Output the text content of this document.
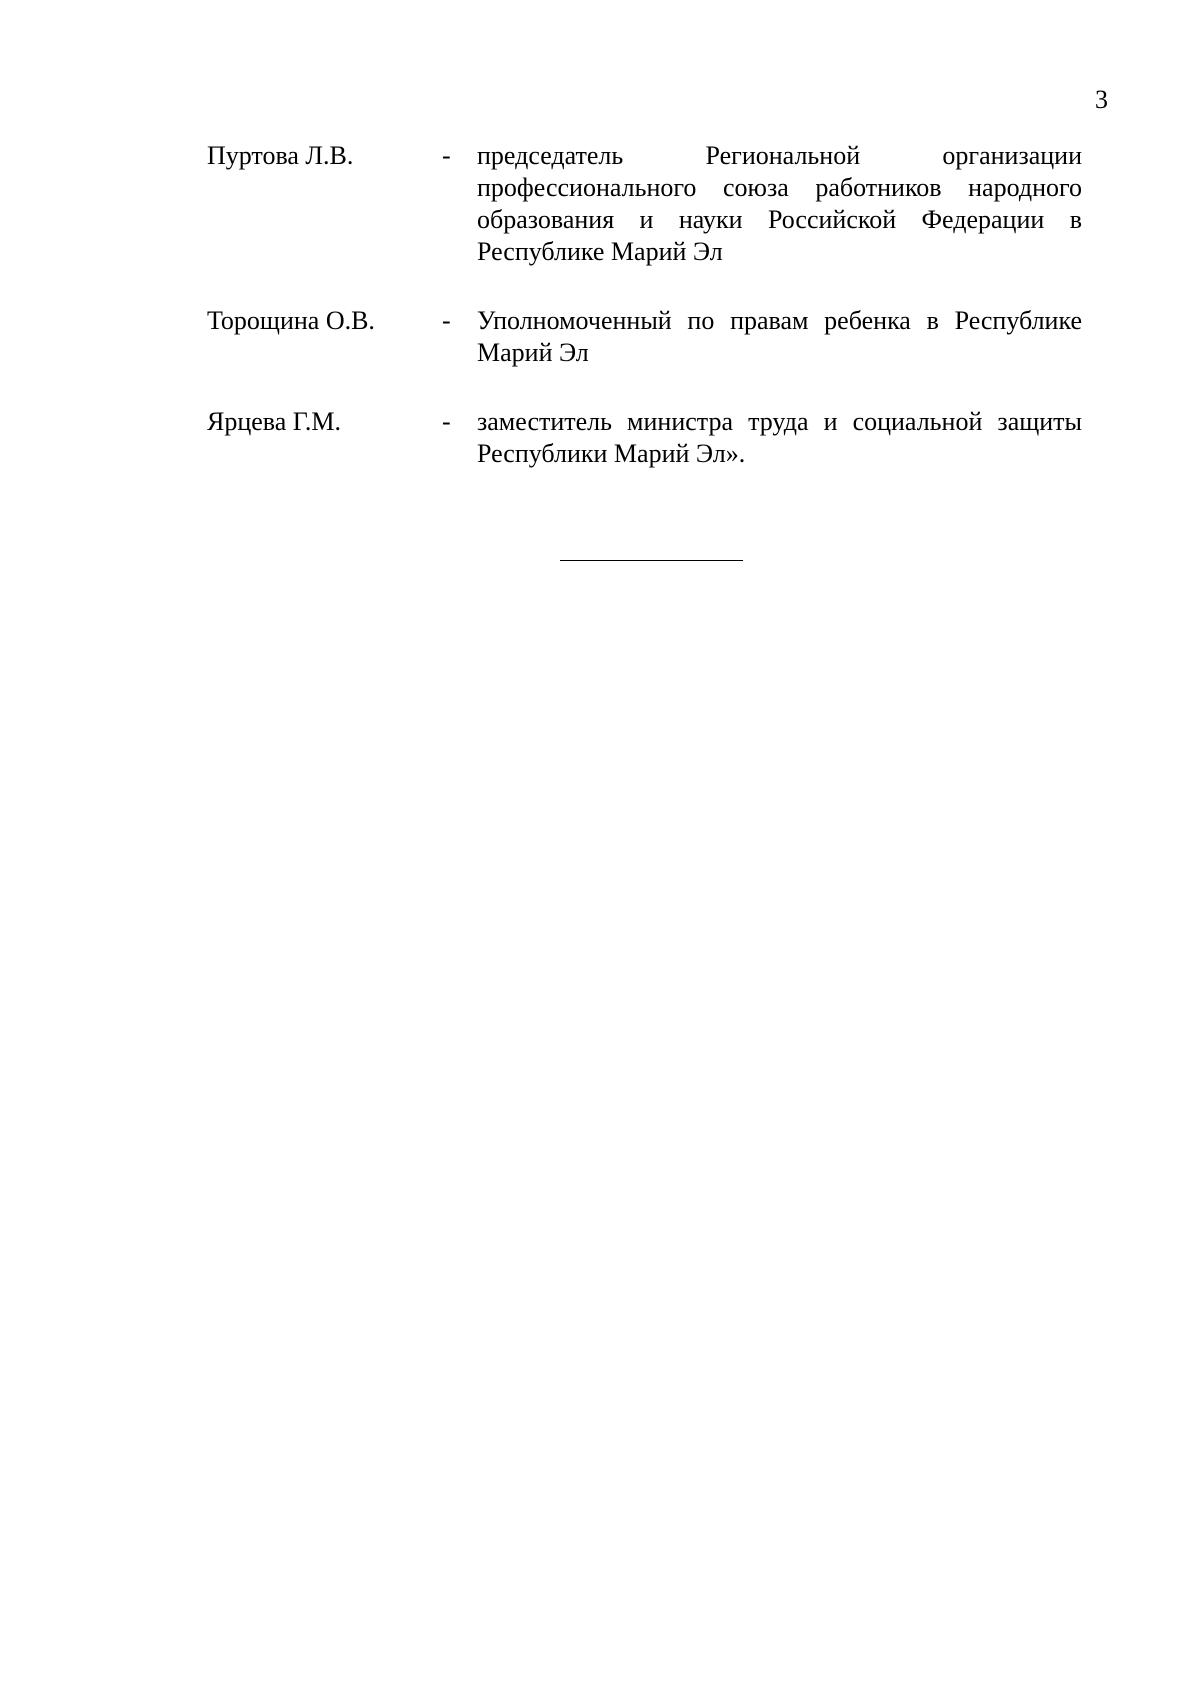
3
Пуртова Л.В.	-	председатель Региональной организации профессионального союза работников народного образования и науки Российской Федерации в Республике Марий Эл
Торощина О.В.	-	Уполномоченный по правам ребенка в Республике Марий Эл
Ярцева Г.М.	-	заместитель министра труда и социальной защиты Республики Марий Эл».
